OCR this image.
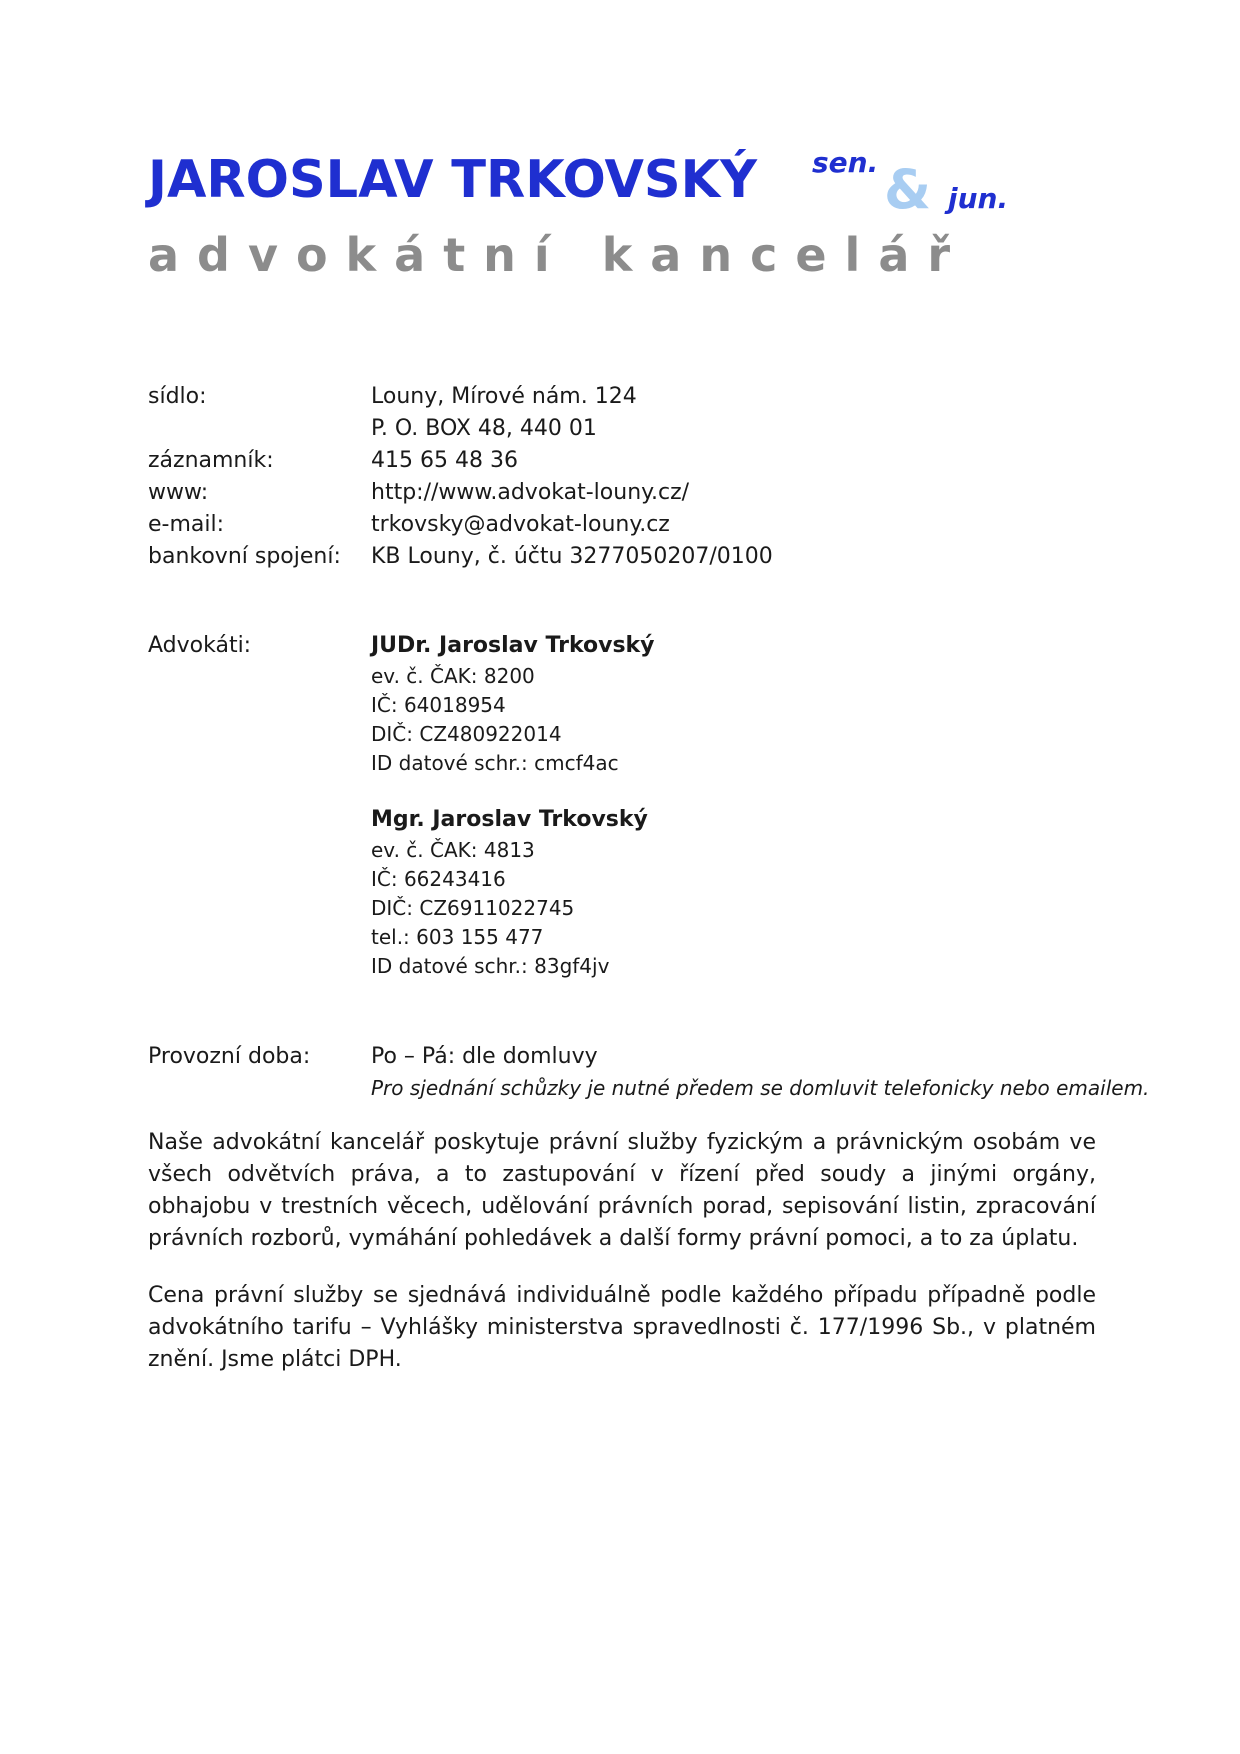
JAROSLAV TRKOVSKÝ sen. & jun.
advokátní kancelář
sídlo:	Louny, Mírové nám. 124
P. O. BOX 48, 440 01
záznamník:	415 65 48 36
www:	http://www.advokat-louny.cz/
e-mail:	trkovsky@advokat-louny.cz
bankovní spojení: KB Louny, č. účtu 3277050207/0100
Advokáti:	JUDr. Jaroslav Trkovský
ev. č. ČAK: 8200
IČ: 64018954
DIČ: CZ480922014
ID datové schr.: cmcf4ac
Mgr. Jaroslav Trkovský
ev. č. ČAK: 4813
IČ: 66243416
DIČ: CZ6911022745
tel.: 603 155 477
ID datové schr.: 83gf4jv
Provozní doba:	Po – Pá: dle domluvy
Pro sjednání schůzky je nutné předem se domluvit telefonicky nebo emailem.
Naše advokátní kancelář poskytuje právní služby fyzickým a právnickým osobám ve všech odvětvích práva, a to zastupování v řízení před soudy a jinými orgány, obhajobu v trestních věcech, udělování právních porad, sepisování listin, zpracování právních rozborů, vymáhání pohledávek a další formy právní pomoci, a to za úplatu.
Cena právní služby se sjednává individuálně podle každého případu případně podle advokátního tarifu – Vyhlášky ministerstva spravedlnosti č. 177/1996 Sb., v platném znění. Jsme plátci DPH.
